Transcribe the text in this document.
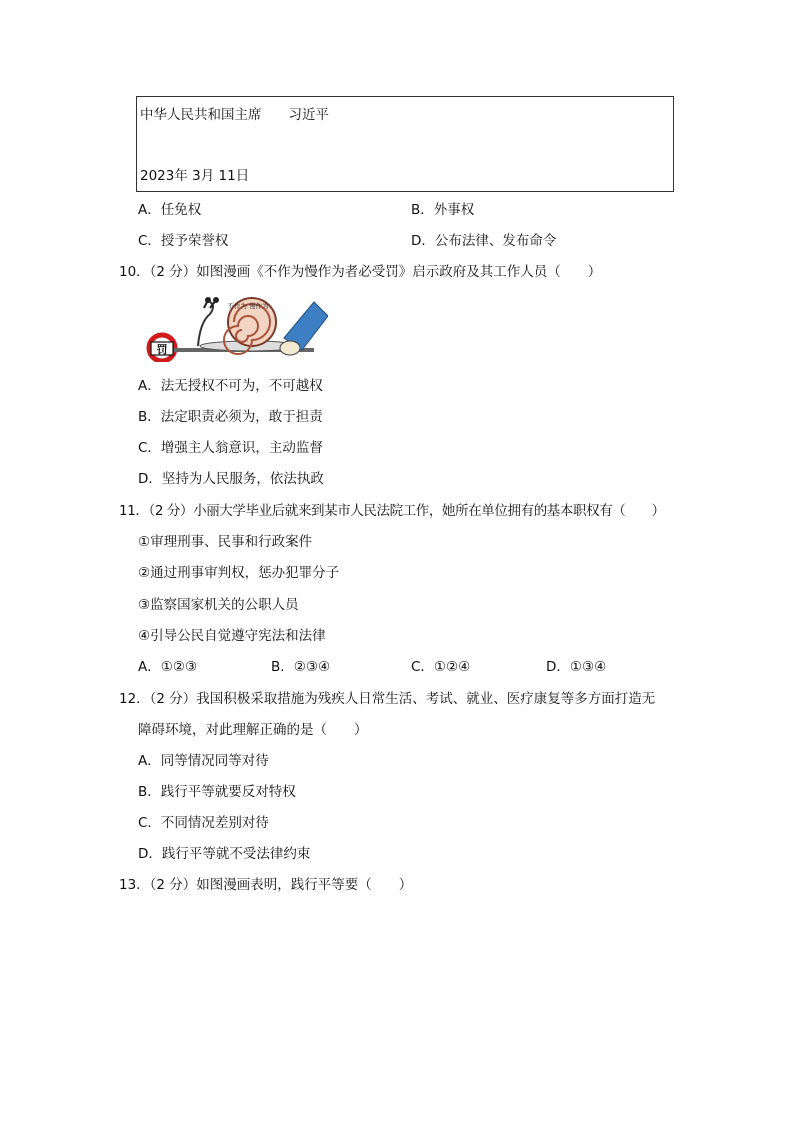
中华人民共和国主席　　习近平
2023年 3月 11日
A．任免权	B．外事权
C．授予荣誉权	D．公布法律、发布命令
10．（2 分）如图漫画《不作为慢作为者必受罚》启示政府及其工作人员（　　）
罚
不作为 慢作为
A．法无授权不可为，不可越权
B．法定职责必须为，敢于担责
C．增强主人翁意识，主动监督
D．坚持为人民服务，依法执政
11．（2 分）小丽大学毕业后就来到某市人民法院工作，她所在单位拥有的基本职权有（　　）
①审理刑事、民事和行政案件
②通过刑事审判权，惩办犯罪分子
③监察国家机关的公职人员
④引导公民自觉遵守宪法和法律
A．①②③	B．②③④	C．①②④	D．①③④
12．（2 分）我国积极采取措施为残疾人日常生活、考试、就业、医疗康复等多方面打造无
障碍环境，对此理解正确的是（　　）
A．同等情况同等对待
B．践行平等就要反对特权
C．不同情况差别对待
D．践行平等就不受法律约束
13．（2 分）如图漫画表明，践行平等要（　　）
